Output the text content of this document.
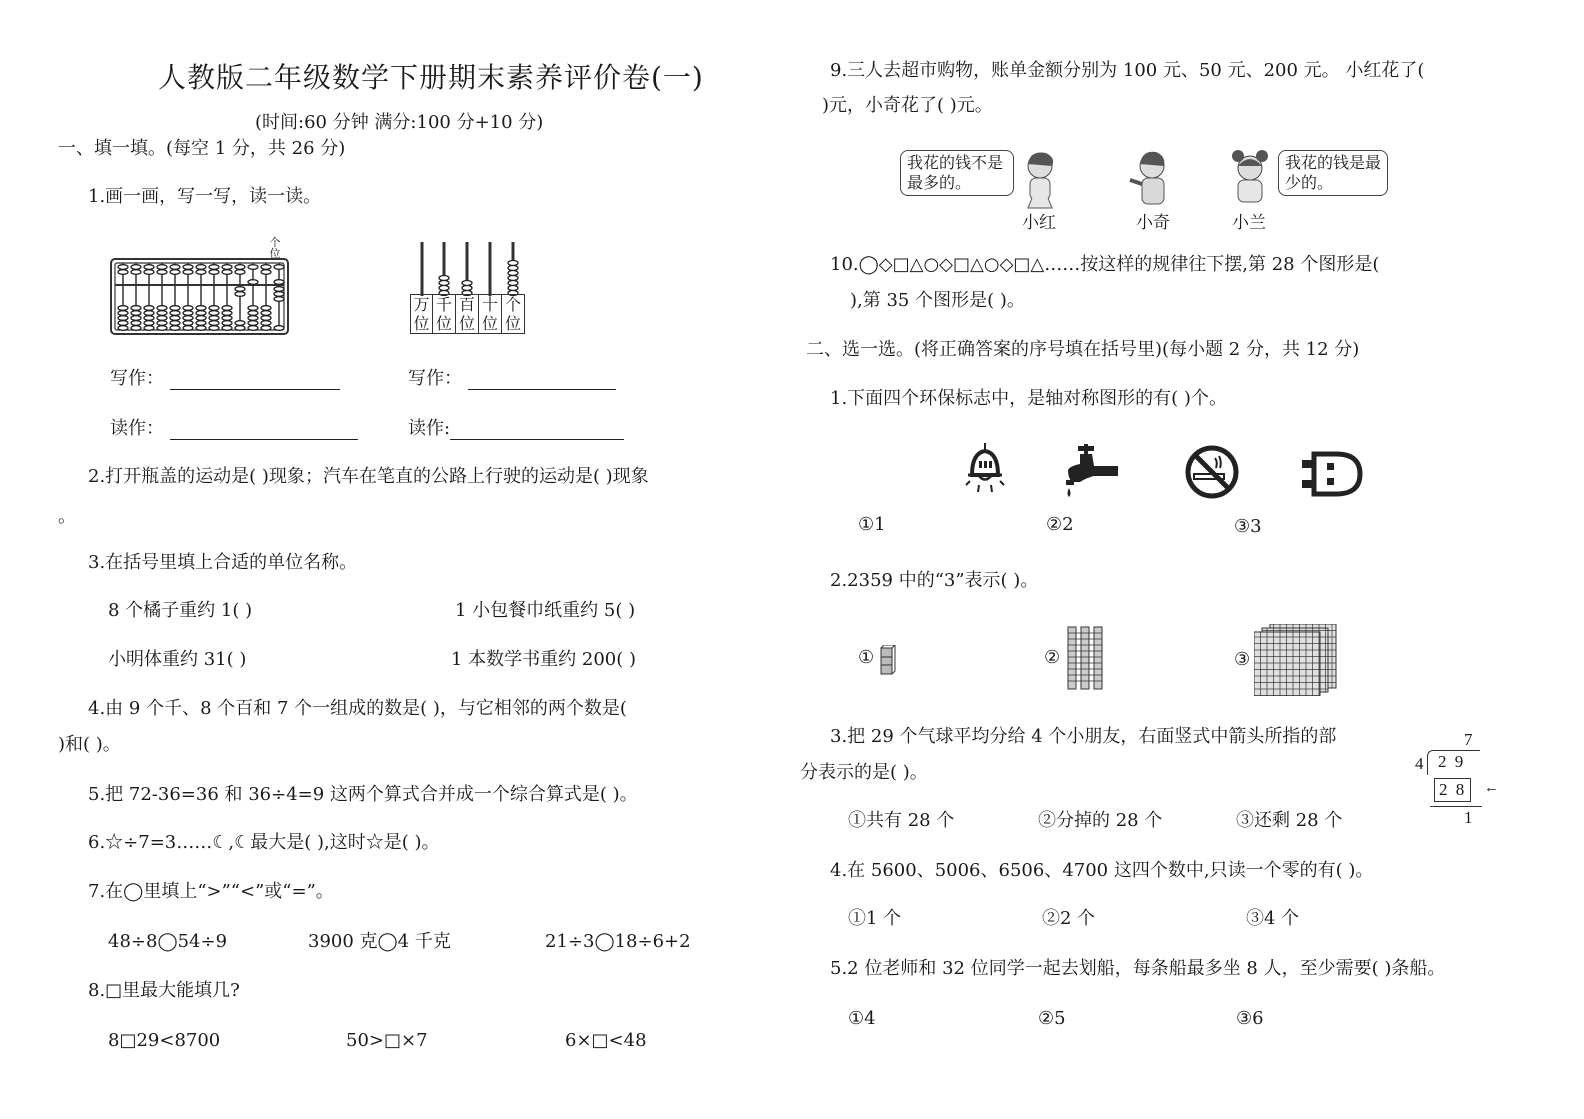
人教版二年级数学下册期末素养评价卷(一)
(时间:60 分钟 满分:100 分+10 分)
一、填一填。(每空 1 分，共 26 分)
1.画一画，写一写，读一读。
个
位
万
位
千
位
百
位
十
位
个
位
写作：	写作：
读作：	读作:
2.打开瓶盖的运动是( )现象；汽车在笔直的公路上行驶的运动是( )现象
。
3.在括号里填上合适的单位名称。
8 个橘子重约 1( )	1 小包餐巾纸重约 5( )
小明体重约 31( )	1 本数学书重约 200( )
4.由 9 个千、8 个百和 7 个一组成的数是( )，与它相邻的两个数是(
)和( )。
5.把 72-36=36 和 36÷4=9 这两个算式合并成一个综合算式是( )。
6.☆÷7=3……☾,☾最大是( ),这时☆是( )。
7.在◯里填上“>”“<”或“=”。
48÷8◯54÷9	3900 克◯4 千克	21÷3◯18÷6+2
8.□里最大能填几?
8□29<8700	50>□×7	6×□<48
9.三人去超市购物，账单金额分别为 100 元、50 元、200 元。 小红花了(
)元，小奇花了( )元。
我花的钱不是最多的。
我花的钱是最少的。
小红	小奇	小兰
10.◯◇□△○◇□△○◇□△……按这样的规律往下摆,第 28 个图形是(
),第 35 个图形是( )。
二、选一选。(将正确答案的序号填在括号里)(每小题 2 分，共 12 分)
1.下面四个环保标志中，是轴对称图形的有( )个。
①1	②2	③3
2.2359 中的“3”表示( )。
①	②	③
3.把 29 个气球平均分给 4 个小朋友，右面竖式中箭头所指的部
分表示的是( )。
①共有 28 个	②分掉的 28 个	③还剩 28 个
7
4 2 9
2 8	←
1
4.在 5600、5006、6506、4700 这四个数中,只读一个零的有( )。
①1 个	②2 个	③4 个
5.2 位老师和 32 位同学一起去划船，每条船最多坐 8 人，至少需要( )条船。
①4	②5	③6
